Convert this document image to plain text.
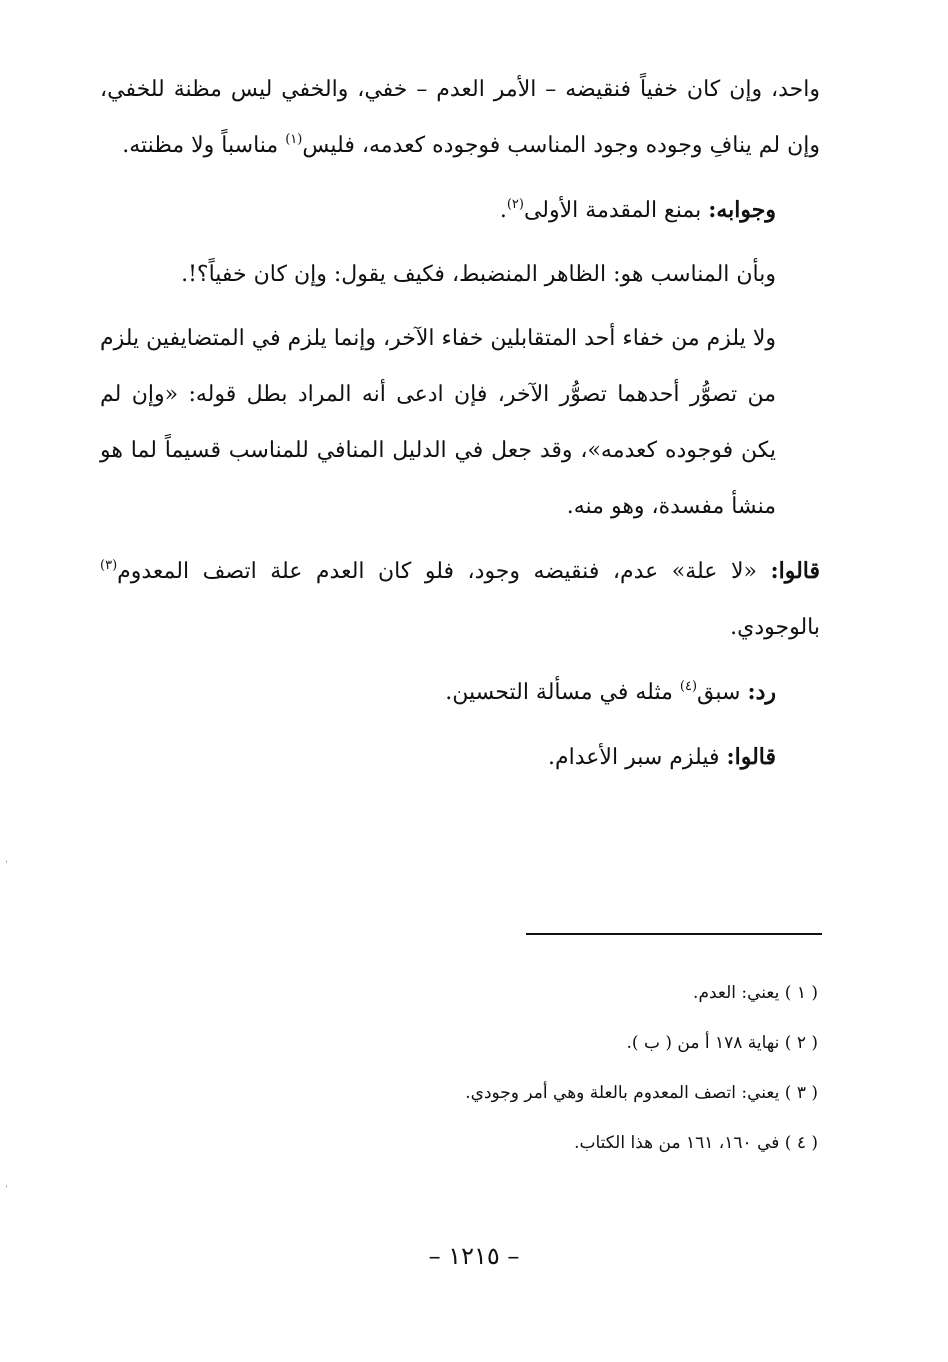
واحد، وإن كان خفياً فنقيضه – الأمر العدم – خفي، والخفي ليس مظنة للخفي، وإن لم ينافِ وجوده وجود المناسب فوجوده كعدمه، فليس$^{(١)}$ مناسباً ولا مظنته.

وجوابه: بمنع المقدمة الأولى$^{(٢)}$.

وبأن المناسب هو: الظاهر المنضبط، فكيف يقول: وإن كان خفياً؟!.

ولا يلزم من خفاء أحد المتقابلين خفاء الآخر، وإنما يلزم في المتضايفين يلزم من تصوُّر أحدهما تصوُّر الآخر، فإن ادعى أنه المراد بطل قوله: «وإن لم يكن فوجوده كعدمه»، وقد جعل في الدليل المنافي للمناسب قسيماً لما هو منشأ مفسدة، وهو منه.

قالوا: «لا علة» عدم، فنقيضه وجود، فلو كان العدم علة اتصف المعدوم$^{(٣)}$ بالوجودي.

رد: سبق$^{(٤)}$ مثله في مسألة التحسين.

قالوا: فيلزم سبر الأعدام.

( ١ ) يعني: العدم.

( ٢ ) نهاية ١٧٨ أ من ( ب ).

( ٣ ) يعني: اتصف المعدوم بالعلة وهي أمر وجودي.

( ٤ ) في ١٦٠، ١٦١ من هذا الكتاب.

– ١٢١٥ –
